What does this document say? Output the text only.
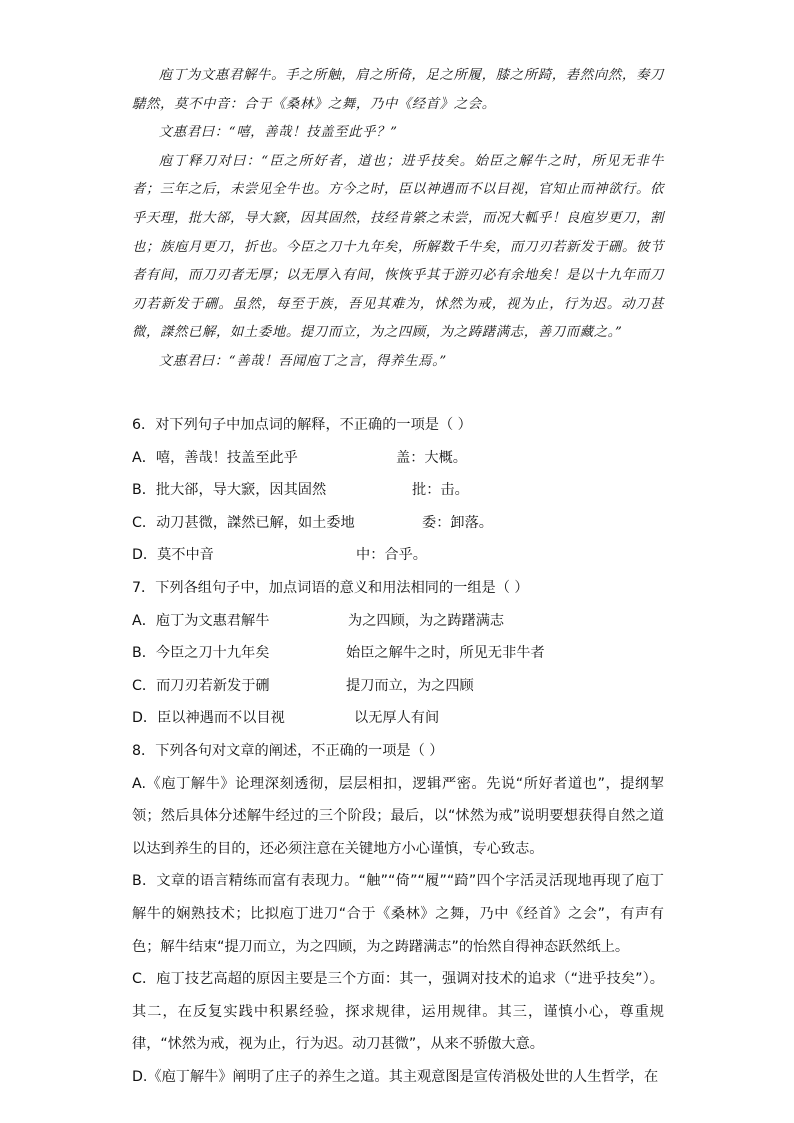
庖丁为文惠君解牛。手之所触，肩之所倚，足之所履，膝之所踦，砉然向然，奏刀騞然，莫不中音：合于《桑林》之舞，乃中《经首》之会。

文惠君曰：“嘻，善哉！技盖至此乎？”

庖丁释刀对曰：“臣之所好者，道也；进乎技矣。始臣之解牛之时，所见无非牛者；三年之后，未尝见全牛也。方今之时，臣以神遇而不以目视，官知止而神欲行。依乎天理，批大郤，导大窾，因其固然，技经肯綮之未尝，而况大軱乎！良庖岁更刀，割也；族庖月更刀，折也。今臣之刀十九年矣，所解数千牛矣，而刀刃若新发于硎。彼节者有间，而刀刃者无厚；以无厚入有间，恢恢乎其于游刃必有余地矣！是以十九年而刀刃若新发于硎。虽然，每至于族，吾见其难为，怵然为戒，视为止，行为迟。动刀甚微，謋然已解，如土委地。提刀而立，为之四顾，为之踌躇满志，善刀而藏之。”

文惠君曰：“善哉！吾闻庖丁之言，得养生焉。”

6．对下列句子中加点词的解释，不正确的一项是（ ）

A．嘻，善哉！技盖至此乎	盖：大概。

B．批大郤，导大窾，因其固然	批：击。

C．动刀甚微，謋然已解，如土委地	委：卸落。

D．莫不中音	中：合乎。

7．下列各组句子中，加点词语的意义和用法相同的一组是（ ）

A．庖丁为文惠君解牛	为之四顾，为之踌躇满志

B．今臣之刀十九年矣	始臣之解牛之时，所见无非牛者

C．而刀刃若新发于硎	提刀而立，为之四顾

D．臣以神遇而不以目视	以无厚人有间

8．下列各句对文章的阐述，不正确的一项是（ ）

A.《庖丁解牛》论理深刻透彻，层层相扣，逻辑严密。先说“所好者道也”，提纲挈领；然后具体分述解牛经过的三个阶段；最后，以“怵然为戒”说明要想获得自然之道以达到养生的目的，还必须注意在关键地方小心谨慎，专心致志。

B．文章的语言精练而富有表现力。“触”“倚”“履”“踦”四个字活灵活现地再现了庖丁解牛的娴熟技术；比拟庖丁进刀“合于《桑林》之舞，乃中《经首》之会”，有声有色；解牛结束“提刀而立，为之四顾，为之踌躇满志”的怡然自得神态跃然纸上。

C．庖丁技艺高超的原因主要是三个方面：其一，强调对技术的追求（“进乎技矣”）。其二，在反复实践中积累经验，探求规律，运用规律。其三，谨慎小心，尊重规律，“怵然为戒，视为止，行为迟。动刀甚微”，从来不骄傲大意。

D.《庖丁解牛》阐明了庄子的养生之道。其主观意图是宣传消极处世的人生哲学，在
